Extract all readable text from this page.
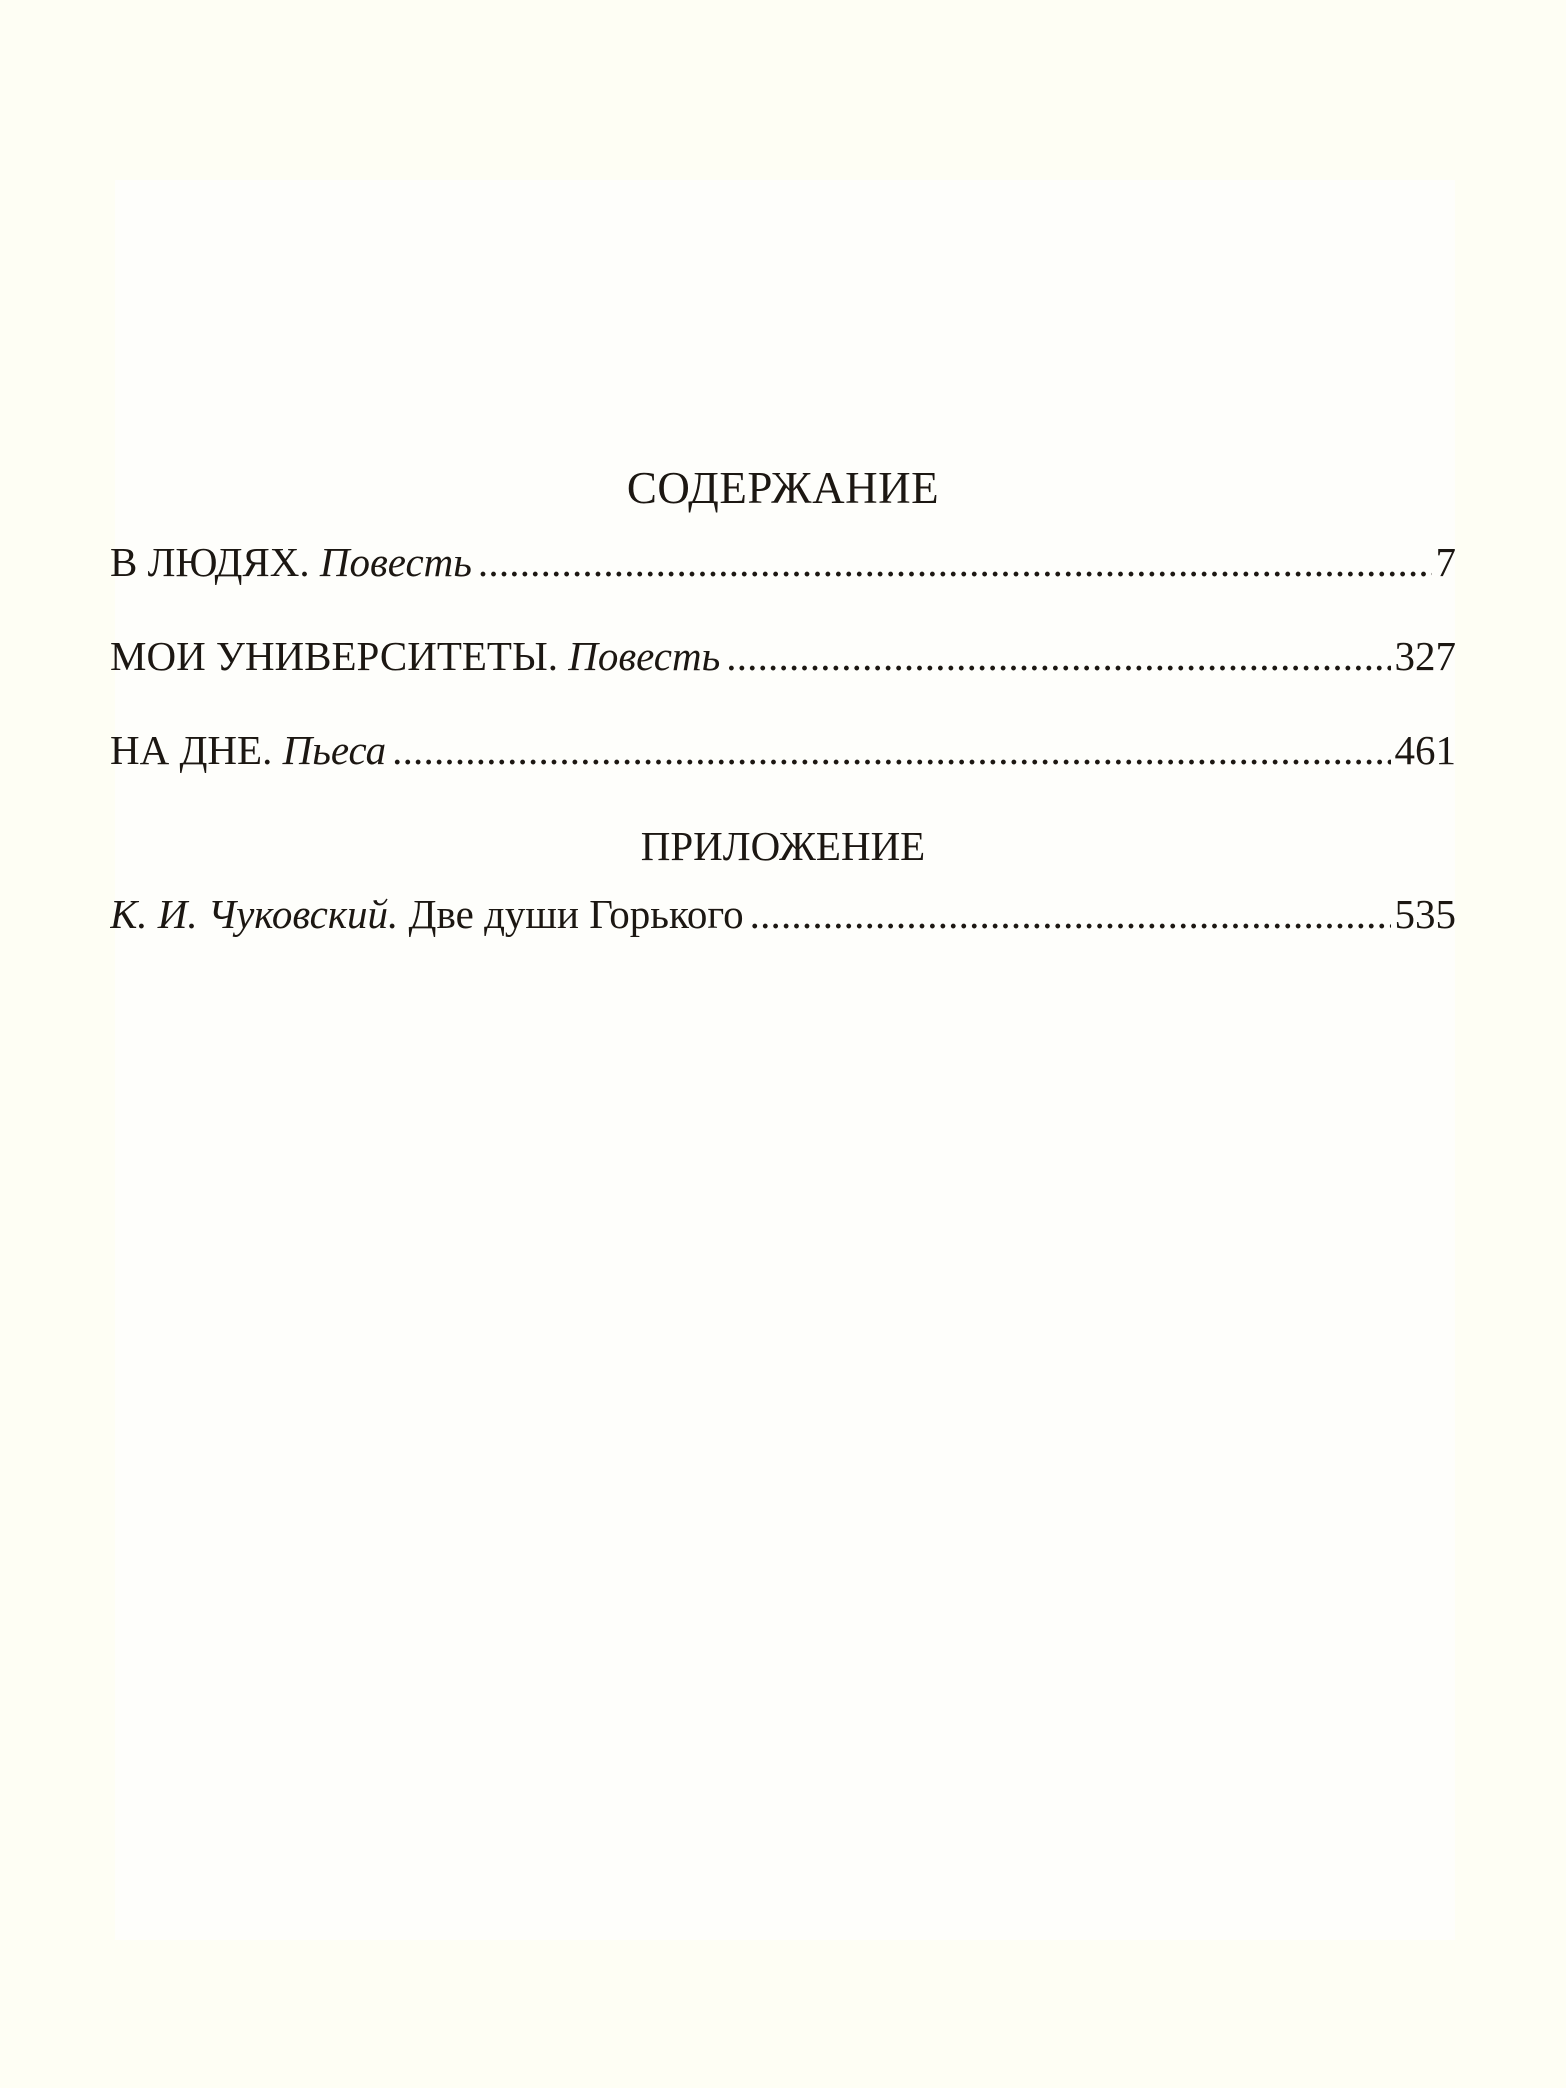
СОДЕРЖАНИЕ
В ЛЮДЯХ. Повесть .....	7
МОИ УНИВЕРСИТЕТЫ. Повесть .....	327
НА ДНЕ. Пьеса .....	461
ПРИЛОЖЕНИЕ
К. И. Чуковский. Две души Горького .....	535
